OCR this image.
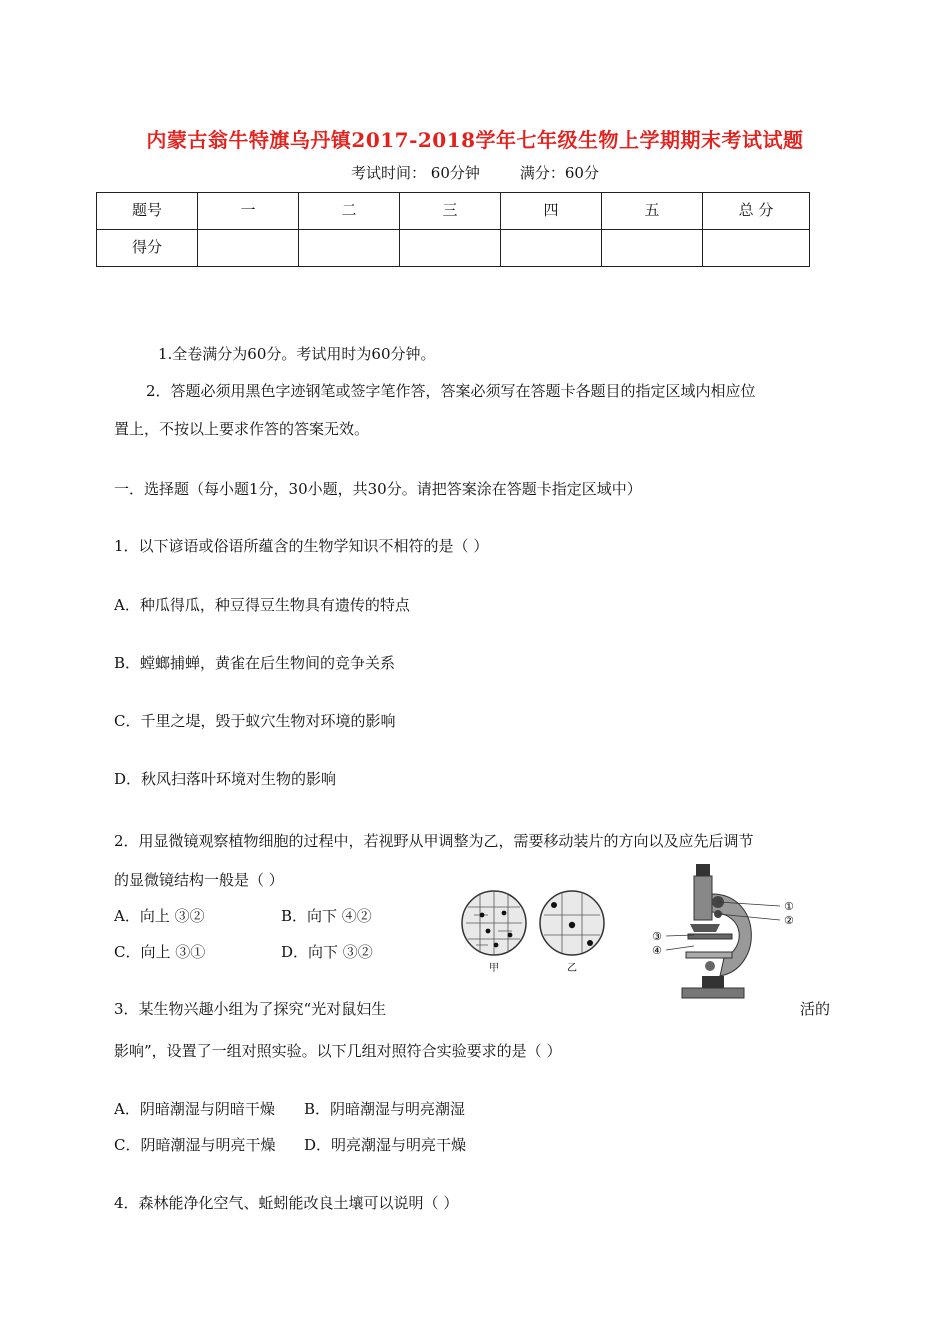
内蒙古翁牛特旗乌丹镇2017-2018学年七年级生物上学期期末考试试题
考试时间： 60分钟	满分：60分
题号	一	二	三	四	五	总 分
得分						
1.全卷满分为60分。考试用时为60分钟。
2．答题必须用黑色字迹钢笔或签字笔作答，答案必须写在答题卡各题目的指定区域内相应位
置上，不按以上要求作答的答案无效。
一．选择题（每小题1分，30小题，共30分。请把答案涂在答题卡指定区域中）
1．以下谚语或俗语所蕴含的生物学知识不相符的是（ ）
A．种瓜得瓜，种豆得豆生物具有遗传的特点
B．螳螂捕蝉，黄雀在后生物间的竞争关系
C．千里之堤，毁于蚁穴生物对环境的影响
D．秋风扫落叶环境对生物的影响
2．用显微镜观察植物细胞的过程中，若视野从甲调整为乙，需要移动装片的方向以及应先后调节
的显微镜结构一般是（ ）
A．向上 ③②	B．向下 ④②
C．向上 ③①	D．向下 ③②
甲	乙
①
②
③
④
3．某生物兴趣小组为了探究“光对鼠妇生	活的
影响”，设置了一组对照实验。以下几组对照符合实验要求的是（ ）
A．阴暗潮湿与阴暗干燥 B．阴暗潮湿与明亮潮湿
C．阴暗潮湿与明亮干燥 D．明亮潮湿与明亮干燥
4．森林能净化空气、蚯蚓能改良土壤可以说明（ ）
